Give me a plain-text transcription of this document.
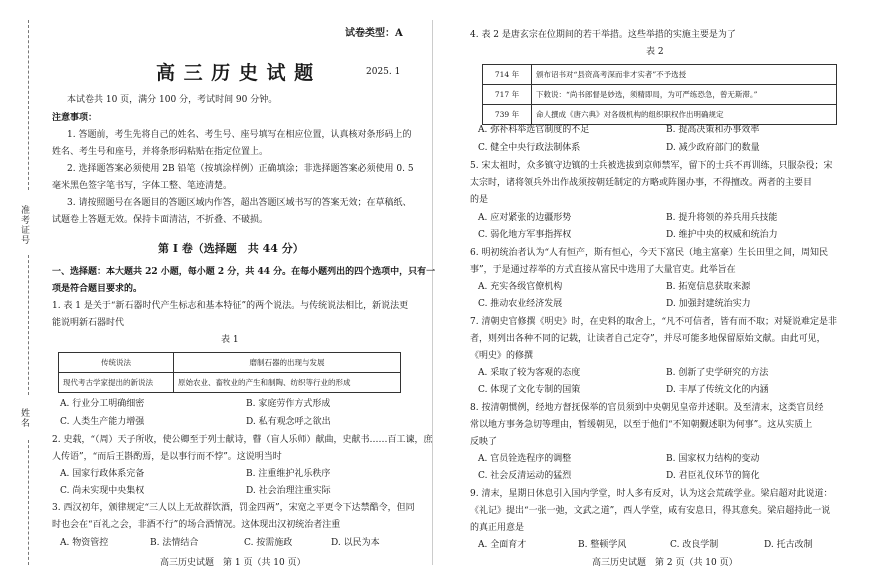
准考证号
姓名
试卷类型：A
高 三 历 史 试 题	2025. 1
本试卷共 10 页，满分 100 分，考试时间 90 分钟。
注意事项：
1. 答题前，考生先将自己的姓名、考生号、座号填写在相应位置，认真核对条形码上的
姓名、考生号和座号，并将条形码粘贴在指定位置上。
2. 选择题答案必须使用 2B 铅笔（按填涂样例）正确填涂；非选择题答案必须使用 0. 5
毫米黑色签字笔书写，字体工整、笔迹清楚。
3. 请按照题号在各题目的答题区域内作答，超出答题区域书写的答案无效；在草稿纸、
试题卷上答题无效。保持卡面清洁，不折叠、不破损。
第 Ⅰ 卷（选择题　共 44 分）
一、选择题：本大题共 22 小题，每小题 2 分，共 44 分。在每小题列出的四个选项中，只有一
项是符合题目要求的。
1. 表 1 是关于“新石器时代产生标志和基本特征”的两个说法。与传统说法相比，新说法更
能说明新石器时代
表 1
传统说法	磨制石器的出现与发展
现代考古学家提出的新说法	原始农业、畜牧业的产生和制陶、纺织等行业的形成
A. 行业分工明确细密	B. 家庭劳作方式形成
C. 人类生产能力增强	D. 私有观念呼之欲出
2. 史载，“（周）天子所收，使公卿至于列士献诗，瞽（盲人乐师）献曲，史献书……百工谏，庶
人传语”，“而后王斟酌焉，是以事行而不悖”。这说明当时
A. 国家行政体系完备	B. 注重维护礼乐秩序
C. 尚未实现中央集权	D. 社会治理注重实际
3. 西汉初年，颁律规定“三人以上无故群饮酒，罚金四两”，宋宽之平更令下达禁酷令，但同
时也会在“百礼之会，非酒不行”的场合酒情况。这体现出汉初统治者注重
A. 物资管控	B. 法情结合	C. 按需施政	D. 以民为本
高三历史试题　第 1 页（共 10 页）
4. 表 2 是唐玄宗在位期间的若干举措。这些举措的实施主要是为了
表 2
714 年	颁布诏书对“县资高考深而非才实者”不予选授
717 年	下敕说：“尚书郎督是妙选，须精即局，为可严练恐急，曾无斯滞。”
739 年	命人撰成《唐六典》对各级机构的组织职权作出明确规定
A. 弥补科举选官制度的不足	B. 提高决策和办事效率
C. 健全中央行政法制体系	D. 减少政府部门的数量
5. 宋太祖时，众多镇守边镇的士兵被选拔到京师禁军，留下的士兵不再训练，只服杂役；宋
太宗时，诸将领兵外出作战须按朝廷制定的方略或阵图办事，不得擅改。两者的主要目
的是
A. 应对紧张的边疆形势	B. 提升将领的养兵用兵技能
C. 弱化地方军事指挥权	D. 维护中央的权威和统治力
6. 明初统治者认为“人有恒产，斯有恒心，今天下富民（地主富豪）生长田里之间，周知民
事”，于是通过荐举的方式直接从富民中选用了大量官吏。此举旨在
A. 充实各级官僚机构	B. 拓宽信息获取来源
C. 推动农业经济发展	D. 加强封建统治实力
7. 清朝史官修撰《明史》时，在史料的取舍上，“凡不可信者，皆有而不取；对疑说难定是非
者，则列出各种不同的记载，让读者自己定夺”，并尽可能多地保留原始文献。由此可见，
《明史》的修撰
A. 采取了较为客观的态度	B. 创新了史学研究的方法
C. 体现了文化专制的国策	D. 丰厚了传统文化的内涵
8. 按清朝惯例，经地方督抚保举的官员须到中央朝见皇帝并述职。及至清末，这类官员经
常以地方事务急切等理由，暂缓朝见，以至于他们“不知朝觐述职为何事”。这从实质上
反映了
A. 官员铨选程序的调整	B. 国家权力结构的变动
C. 社会反清运动的猛烈	D. 君臣礼仪环节的简化
9. 清末，星期日休息引入国内学堂，时人多有反对，认为这会荒疏学业。梁启超对此说道：
《礼记》提出“一张一弛，文武之道”，西人学堂，咸有安息日，得其意矣。梁启超持此一说
的真正用意是
A. 全面育才	B. 整顿学风	C. 改良学制	D. 托古改制
高三历史试题　第 2 页（共 10 页）
